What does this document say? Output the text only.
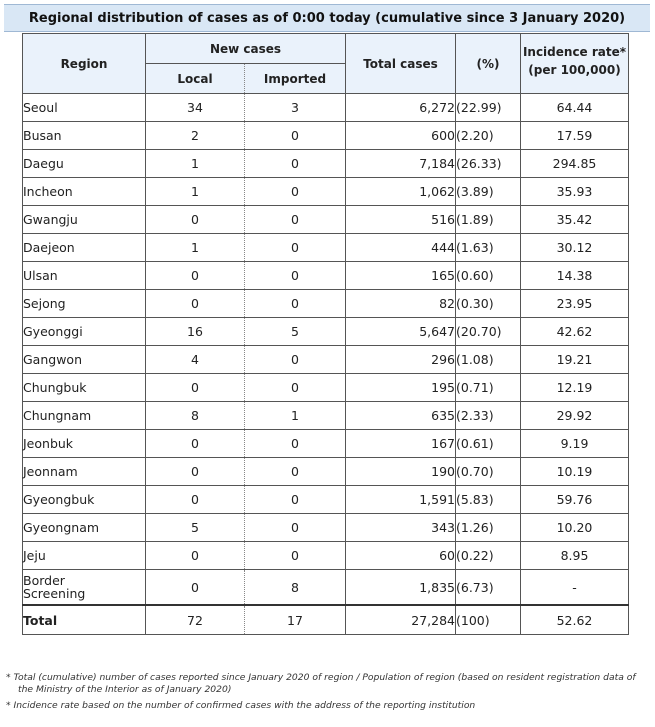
Regional distribution of cases as of 0:00 today (cumulative since 3 January 2020)
Region	New cases		Total cases	(%)	Incidence rate*
(per 100,000)
	Local	Imported			
Seoul	34	3	6,272	(22.99)	64.44
Busan	2	0	600	(2.20)	17.59
Daegu	1	0	7,184	(26.33)	294.85
Incheon	1	0	1,062	(3.89)	35.93
Gwangju	0	0	516	(1.89)	35.42
Daejeon	1	0	444	(1.63)	30.12
Ulsan	0	0	165	(0.60)	14.38
Sejong	0	0	82	(0.30)	23.95
Gyeonggi	16	5	5,647	(20.70)	42.62
Gangwon	4	0	296	(1.08)	19.21
Chungbuk	0	0	195	(0.71)	12.19
Chungnam	8	1	635	(2.33)	29.92
Jeonbuk	0	0	167	(0.61)	9.19
Jeonnam	0	0	190	(0.70)	10.19
Gyeongbuk	0	0	1,591	(5.83)	59.76
Gyeongnam	5	0	343	(1.26)	10.20
Jeju	0	0	60	(0.22)	8.95
Border
Screening	0	8	1,835	(6.73)	-
Total	72	17	27,284	(100)	52.62

* Total (cumulative) number of cases reported since January 2020 of region / Population of region (based on resident registration data of

the Ministry of the Interior as of January 2020)

* Incidence rate based on the number of confirmed cases with the address of the reporting institution
